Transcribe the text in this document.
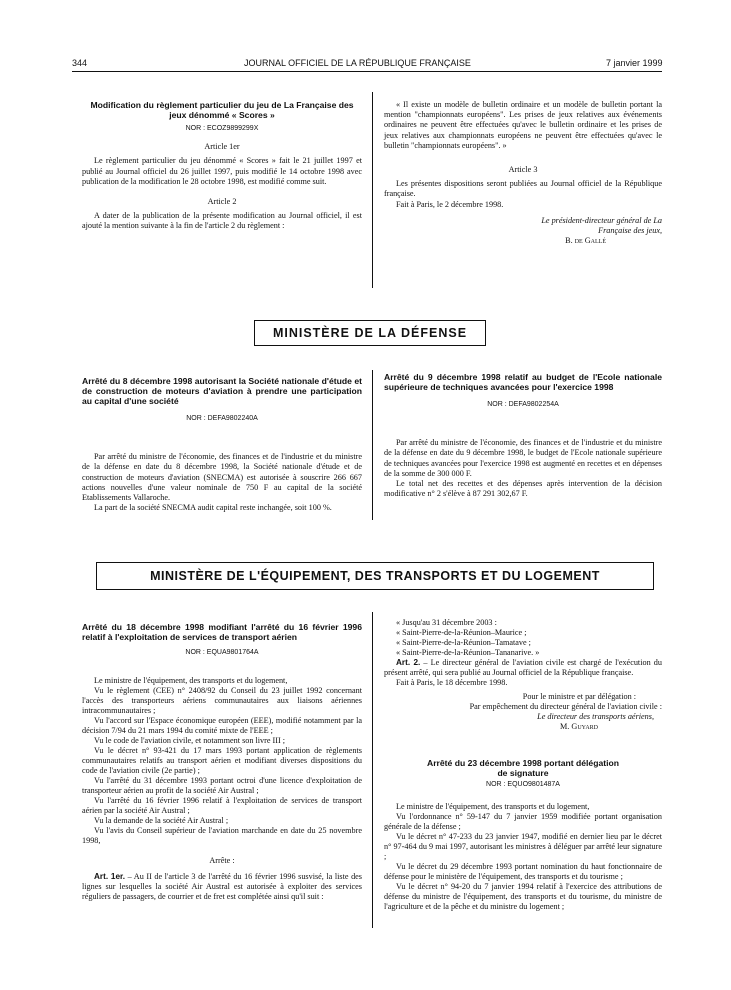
344	JOURNAL OFFICIEL DE LA RÉPUBLIQUE FRANÇAISE	7 janvier 1999
Modification du règlement particulier du jeu de La Française des jeux dénommé « Scores »
NOR : ECOZ9899299X

Article 1er

Le règlement particulier du jeu dénommé « Scores » fait le 21 juillet 1997 et publié au Journal officiel du 26 juillet 1997, puis modifié le 14 octobre 1998 avec publication de la modification le 28 octobre 1998, est modifié comme suit.

Article 2

A dater de la publication de la présente modification au Journal officiel, il est ajouté la mention suivante à la fin de l'article 2 du règlement :

« Il existe un modèle de bulletin ordinaire et un modèle de bulletin portant la mention "championnats européens". Les prises de jeux relatives aux événements ordinaires ne peuvent être effectuées qu'avec le bulletin ordinaire et les prises de jeux relatives aux championnats européens ne peuvent être effectuées qu'avec le bulletin "championnats européens". »

Article 3

Les présentes dispositions seront publiées au Journal officiel de la République française.

Fait à Paris, le 2 décembre 1998.

Le président-directeur général de La Française des jeux,

B. de Gallé

MINISTÈRE DE LA DÉFENSE
Arrêté du 8 décembre 1998 autorisant la Société nationale d'étude et de construction de moteurs d'aviation à prendre une participation au capital d'une société
NOR : DEFA9802240A

Par arrêté du ministre de l'économie, des finances et de l'industrie et du ministre de la défense en date du 8 décembre 1998, la Société nationale d'étude et de construction de moteurs d'aviation (SNECMA) est autorisée à souscrire 266 667 actions nouvelles d'une valeur nominale de 750 F au capital de la société Etablissements Vallaroche.

La part de la société SNECMA audit capital reste inchangée, soit 100 %.

Arrêté du 9 décembre 1998 relatif au budget de l'Ecole nationale supérieure de techniques avancées pour l'exercice 1998
NOR : DEFA9802254A

Par arrêté du ministre de l'économie, des finances et de l'industrie et du ministre de la défense en date du 9 décembre 1998, le budget de l'Ecole nationale supérieure de techniques avancées pour l'exercice 1998 est augmenté en recettes et en dépenses de la somme de 300 000 F.

Le total net des recettes et des dépenses après intervention de la décision modificative n° 2 s'élève à 87 291 302,67 F.

MINISTÈRE DE L'ÉQUIPEMENT, DES TRANSPORTS ET DU LOGEMENT
Arrêté du 18 décembre 1998 modifiant l'arrêté du 16 février 1996 relatif à l'exploitation de services de transport aérien
NOR : EQUA9801764A

Le ministre de l'équipement, des transports et du logement,

Vu le règlement (CEE) n° 2408/92 du Conseil du 23 juillet 1992 concernant l'accès des transporteurs aériens communautaires aux liaisons aériennes intracommunautaires ;

Vu l'accord sur l'Espace économique européen (EEE), modifié notamment par la décision 7/94 du 21 mars 1994 du comité mixte de l'EEE ;

Vu le code de l'aviation civile, et notamment son livre III ;

Vu le décret n° 93-421 du 17 mars 1993 portant application de règlements communautaires relatifs au transport aérien et modifiant diverses dispositions du code de l'aviation civile (2e partie) ;

Vu l'arrêté du 31 décembre 1993 portant octroi d'une licence d'exploitation de transporteur aérien au profit de la société Air Austral ;

Vu l'arrêté du 16 février 1996 relatif à l'exploitation de services de transport aérien par la société Air Austral ;

Vu la demande de la société Air Austral ;

Vu l'avis du Conseil supérieur de l'aviation marchande en date du 25 novembre 1998,

Arrête :

Art. 1er. – Au II de l'article 3 de l'arrêté du 16 février 1996 susvisé, la liste des lignes sur lesquelles la société Air Austral est autorisée à exploiter des services réguliers de passagers, de courrier et de fret est complétée ainsi qu'il suit :

« Jusqu'au 31 décembre 2003 :

« Saint-Pierre-de-la-Réunion–Maurice ;

« Saint-Pierre-de-la-Réunion–Tamatave ;

« Saint-Pierre-de-la-Réunion–Tananarive. »

Art. 2. – Le directeur général de l'aviation civile est chargé de l'exécution du présent arrêté, qui sera publié au Journal officiel de la République française.

Fait à Paris, le 18 décembre 1998.

Pour le ministre et par délégation :

Par empêchement du directeur général de l'aviation civile :

Le directeur des transports aériens,

M. Guyard

Arrêté du 23 décembre 1998 portant délégation de signature
NOR : EQUO9801487A

Le ministre de l'équipement, des transports et du logement,

Vu l'ordonnance n° 59-147 du 7 janvier 1959 modifiée portant organisation générale de la défense ;

Vu le décret n° 47-233 du 23 janvier 1947, modifié en dernier lieu par le décret n° 97-464 du 9 mai 1997, autorisant les ministres à déléguer par arrêté leur signature ;

Vu le décret du 29 décembre 1993 portant nomination du haut fonctionnaire de défense pour le ministère de l'équipement, des transports et du tourisme ;

Vu le décret n° 94-20 du 7 janvier 1994 relatif à l'exercice des attributions de défense du ministre de l'équipement, des transports et du tourisme, du ministre de l'agriculture et de la pêche et du ministre du logement ;
